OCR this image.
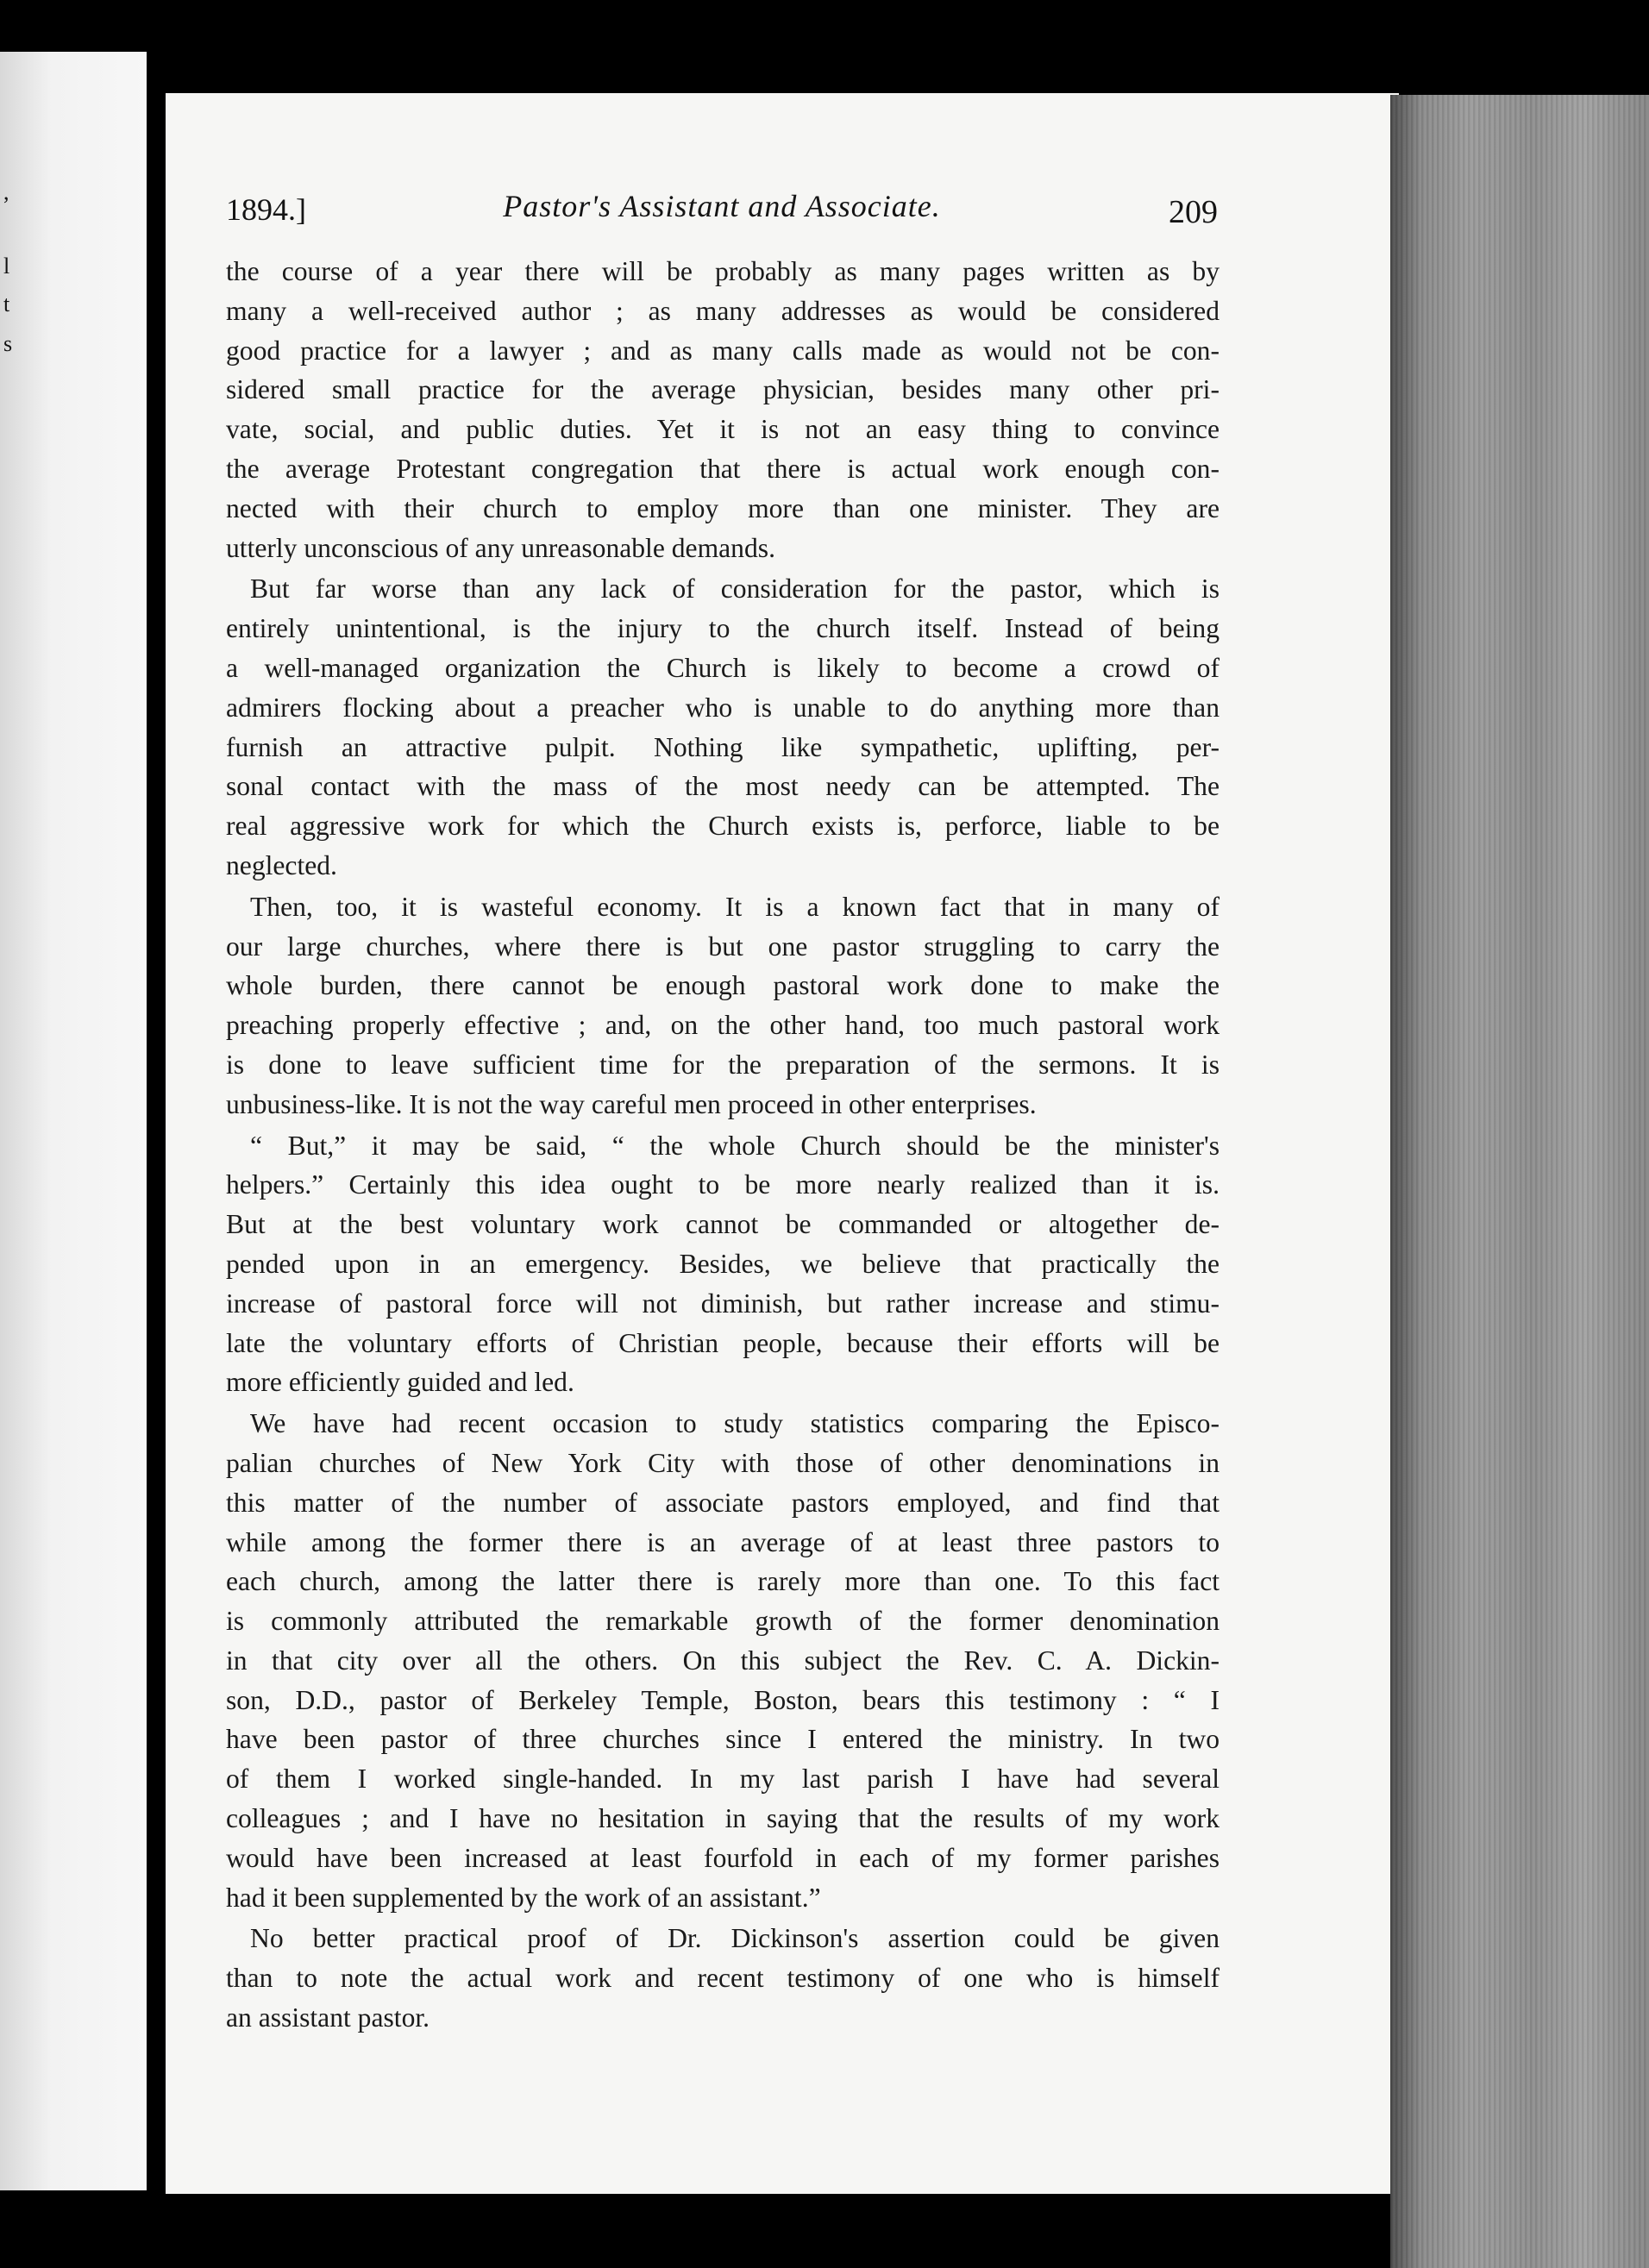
,
l
t
s
1894.]	Pastor's Assistant and Associate.	209
the course of a year there will be probably as many pages written as by
many a well-received author ; as many addresses as would be considered
good practice for a lawyer ; and as many calls made as would not be con-
sidered small practice for the average physician, besides many other pri-
vate, social, and public duties. Yet it is not an easy thing to convince
the average Protestant congregation that there is actual work enough con-
nected with their church to employ more than one minister. They are
utterly unconscious of any unreasonable demands.
But far worse than any lack of consideration for the pastor, which is
entirely unintentional, is the injury to the church itself. Instead of being
a well-managed organization the Church is likely to become a crowd of
admirers flocking about a preacher who is unable to do anything more than
furnish an attractive pulpit. Nothing like sympathetic, uplifting, per-
sonal contact with the mass of the most needy can be attempted. The
real aggressive work for which the Church exists is, perforce, liable to be
neglected.
Then, too, it is wasteful economy. It is a known fact that in many of
our large churches, where there is but one pastor struggling to carry the
whole burden, there cannot be enough pastoral work done to make the
preaching properly effective ; and, on the other hand, too much pastoral work
is done to leave sufficient time for the preparation of the sermons. It is
unbusiness-like. It is not the way careful men proceed in other enterprises.
“ But,” it may be said, “ the whole Church should be the minister's
helpers.” Certainly this idea ought to be more nearly realized than it is.
But at the best voluntary work cannot be commanded or altogether de-
pended upon in an emergency. Besides, we believe that practically the
increase of pastoral force will not diminish, but rather increase and stimu-
late the voluntary efforts of Christian people, because their efforts will be
more efficiently guided and led.
We have had recent occasion to study statistics comparing the Episco-
palian churches of New York City with those of other denominations in
this matter of the number of associate pastors employed, and find that
while among the former there is an average of at least three pastors to
each church, among the latter there is rarely more than one. To this fact
is commonly attributed the remarkable growth of the former denomination
in that city over all the others. On this subject the Rev. C. A. Dickin-
son, D.D., pastor of Berkeley Temple, Boston, bears this testimony : “ I
have been pastor of three churches since I entered the ministry. In two
of them I worked single-handed. In my last parish I have had several
colleagues ; and I have no hesitation in saying that the results of my work
would have been increased at least fourfold in each of my former parishes
had it been supplemented by the work of an assistant.”
No better practical proof of Dr. Dickinson's assertion could be given
than to note the actual work and recent testimony of one who is himself
an assistant pastor.
